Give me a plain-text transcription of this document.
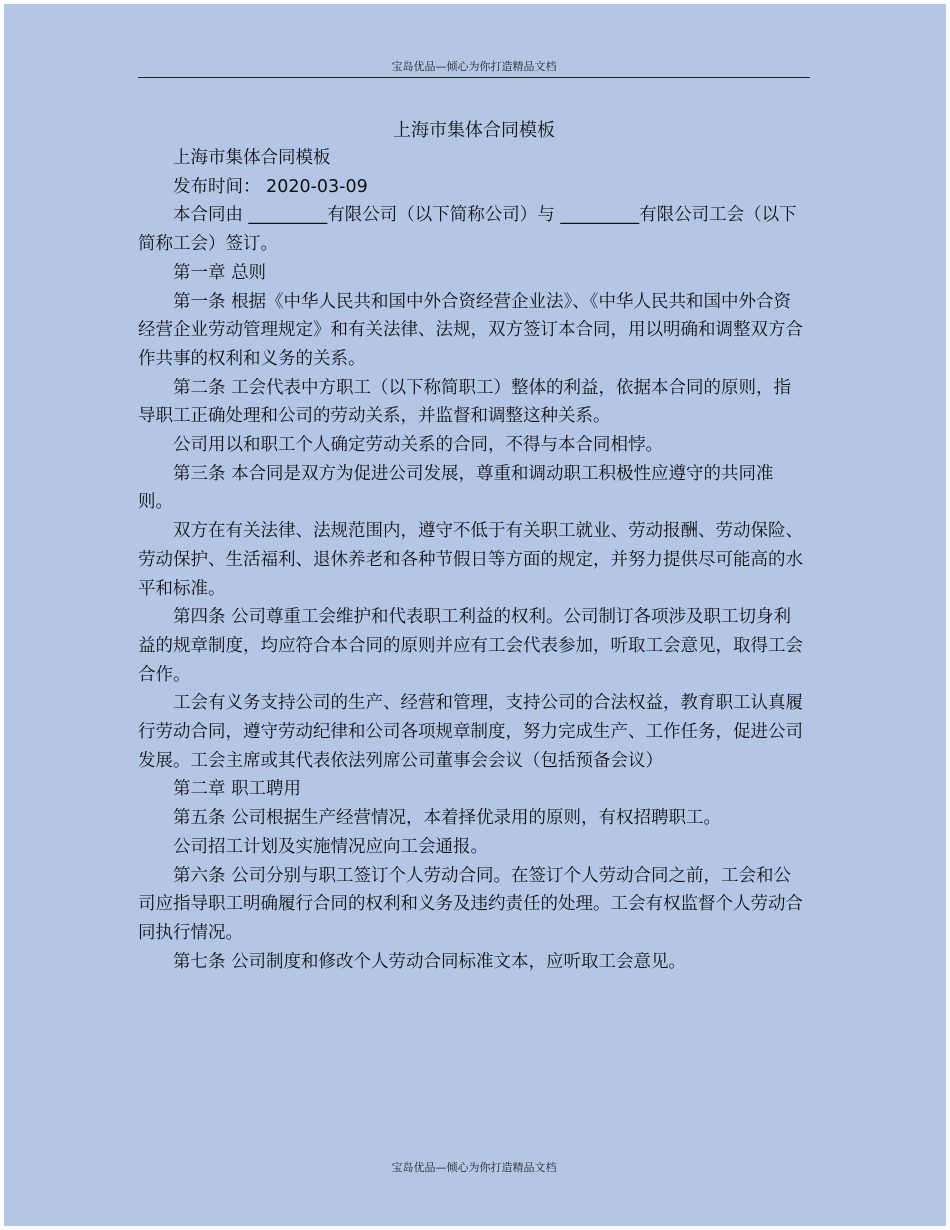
宝岛优品—倾心为你打造精品文档
上海市集体合同模板

上海市集体合同模板

发布时间： 2020-03-09

本合同由 _________有限公司（以下简称公司）与 _________有限公司工会（以下简称工会）签订。

第一章 总则

第一条 根据《中华人民共和国中外合资经营企业法》、《中华人民共和国中外合资经营企业劳动管理规定》和有关法律、法规，双方签订本合同，用以明确和调整双方合作共事的权利和义务的关系。

第二条 工会代表中方职工（以下称简职工）整体的利益，依据本合同的原则，指导职工正确处理和公司的劳动关系，并监督和调整这种关系。

公司用以和职工个人确定劳动关系的合同，不得与本合同相悖。

第三条 本合同是双方为促进公司发展，尊重和调动职工积极性应遵守的共同准则。

双方在有关法律、法规范围内，遵守不低于有关职工就业、劳动报酬、劳动保险、劳动保护、生活福利、退休养老和各种节假日等方面的规定，并努力提供尽可能高的水平和标准。

第四条 公司尊重工会维护和代表职工利益的权利。公司制订各项涉及职工切身利益的规章制度，均应符合本合同的原则并应有工会代表参加，听取工会意见，取得工会合作。

工会有义务支持公司的生产、经营和管理，支持公司的合法权益，教育职工认真履行劳动合同，遵守劳动纪律和公司各项规章制度，努力完成生产、工作任务，促进公司发展。工会主席或其代表依法列席公司董事会会议（包括预备会议）

第二章 职工聘用

第五条 公司根据生产经营情况，本着择优录用的原则，有权招聘职工。

公司招工计划及实施情况应向工会通报。

第六条 公司分别与职工签订个人劳动合同。在签订个人劳动合同之前，工会和公司应指导职工明确履行合同的权利和义务及违约责任的处理。工会有权监督个人劳动合同执行情况。

第七条 公司制度和修改个人劳动合同标准文本，应听取工会意见。

宝岛优品—倾心为你打造精品文档
